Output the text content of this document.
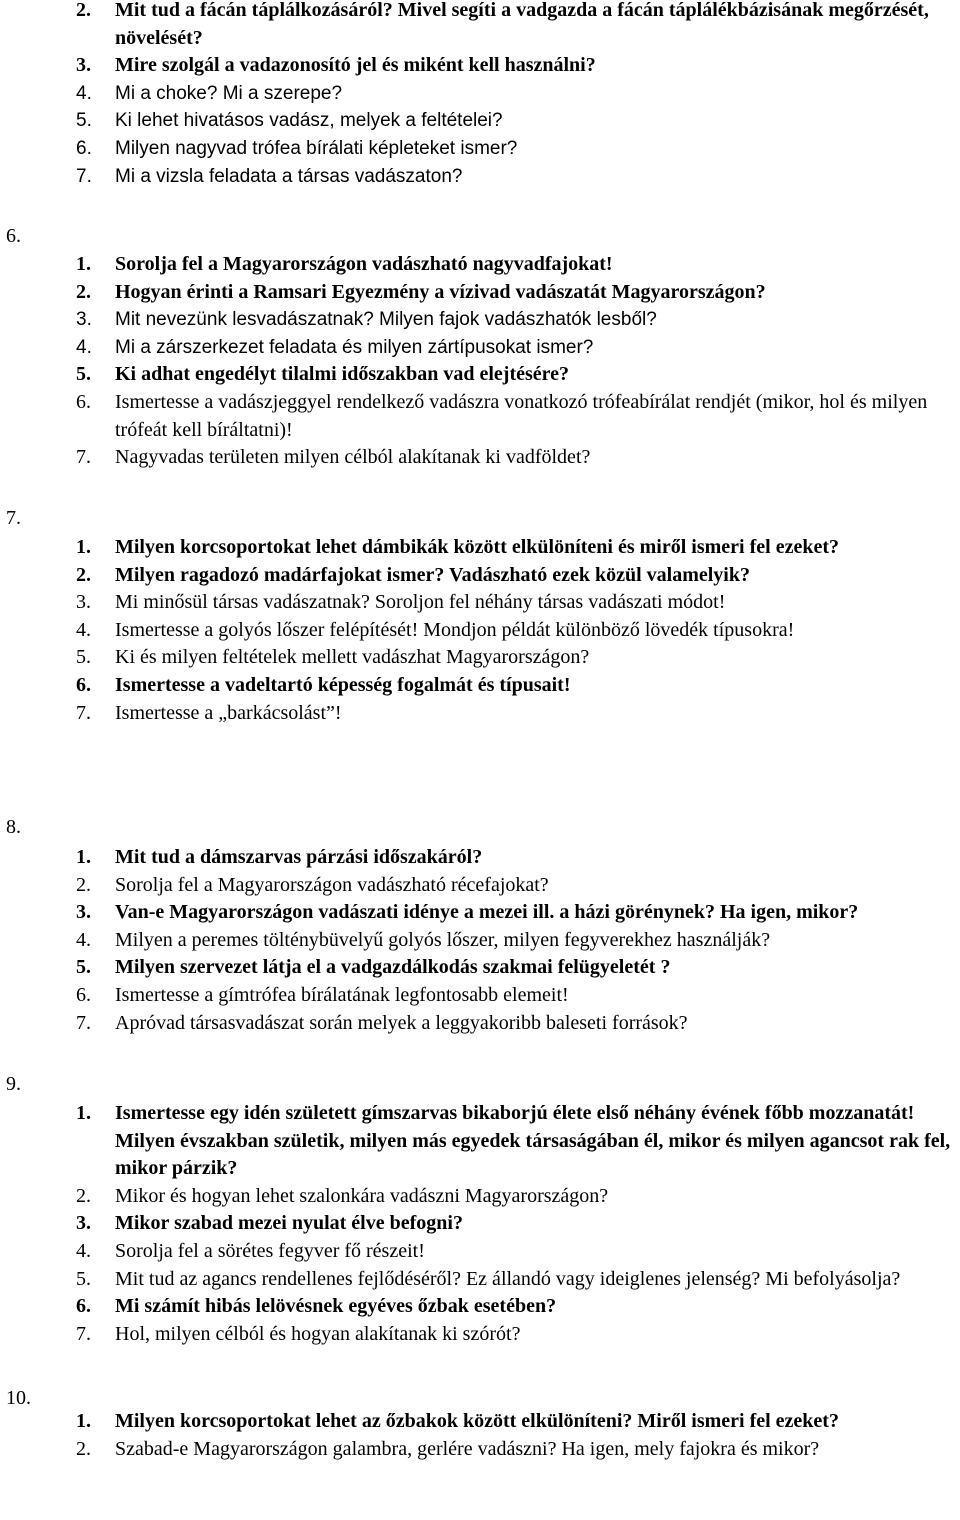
6.
7.
8.
9.
10.
2. Mit tud a fácán táplálkozásáról? Mivel segíti a vadgazda a fácán táplálékbázisának megőrzését, növelését?
3. Mire szolgál a vadazonosító jel és miként kell használni?
4. Mi a choke? Mi a szerepe?
5. Ki lehet hivatásos vadász, melyek a feltételei?
6. Milyen nagyvad trófea bírálati képleteket ismer?
7. Mi a vizsla feladata a társas vadászaton?
1. Sorolja fel a Magyarországon vadászható nagyvadfajokat!
2. Hogyan érinti a Ramsari Egyezmény a vízivad vadászatát Magyarországon?
3. Mit nevezünk lesvadászatnak? Milyen fajok vadászhatók lesből?
4. Mi a zárszerkezet feladata és milyen zártípusokat ismer?
5. Ki adhat engedélyt tilalmi időszakban vad elejtésére?
6. Ismertesse a vadászjeggyel rendelkező vadászra vonatkozó trófeabírálat rendjét (mikor, hol és milyen trófeát kell bíráltatni)!
7. Nagyvadas területen milyen célból alakítanak ki vadföldet?
1. Milyen korcsoportokat lehet dámbikák között elkülöníteni és miről ismeri fel ezeket?
2. Milyen ragadozó madárfajokat ismer? Vadászható ezek közül valamelyik?
3. Mi minősül társas vadászatnak? Soroljon fel néhány társas vadászati módot!
4. Ismertesse a golyós lőszer felépítését! Mondjon példát különböző lövedék típusokra!
5. Ki és milyen feltételek mellett vadászhat Magyarországon?
6. Ismertesse a vadeltartó képesség fogalmát és típusait!
7. Ismertesse a „barkácsolást”!
1. Mit tud a dámszarvas párzási időszakáról?
2. Sorolja fel a Magyarországon vadászható récefajokat?
3. Van-e Magyarországon vadászati idénye a mezei ill. a házi görénynek? Ha igen, mikor?
4. Milyen a peremes tölténybüvelyű golyós lőszer, milyen fegyverekhez használják?
5. Milyen szervezet látja el a vadgazdálkodás szakmai felügyeletét ?
6. Ismertesse a gímtrófea bírálatának legfontosabb elemeit!
7. Apróvad társasvadászat során melyek a leggyakoribb baleseti források?
1. Ismertesse egy idén született gímszarvas bikaborjú élete első néhány évének főbb mozzanatát! Milyen évszakban születik, milyen más egyedek társaságában él, mikor és milyen agancsot rak fel, mikor párzik?
2. Mikor és hogyan lehet szalonkára vadászni Magyarországon?
3. Mikor szabad mezei nyulat élve befogni?
4. Sorolja fel a sörétes fegyver fő részeit!
5. Mit tud az agancs rendellenes fejlődéséről? Ez állandó vagy ideiglenes jelenség? Mi befolyásolja?
6. Mi számít hibás lelövésnek egyéves őzbak esetében?
7. Hol, milyen célból és hogyan alakítanak ki szórót?
1. Milyen korcsoportokat lehet az őzbakok között elkülöníteni? Miről ismeri fel ezeket?
2. Szabad-e Magyarországon galambra, gerlére vadászni? Ha igen, mely fajokra és mikor?
